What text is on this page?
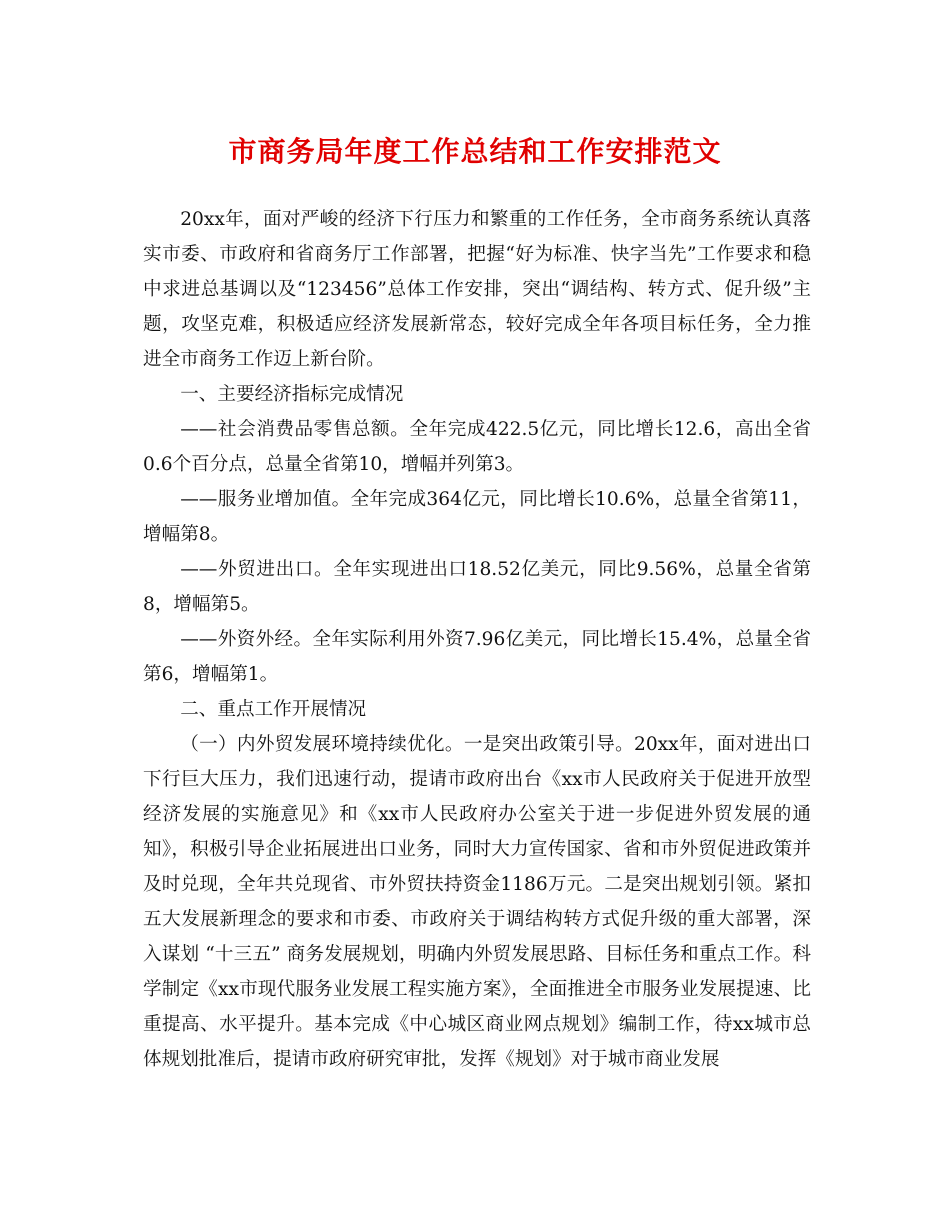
市商务局年度工作总结和工作安排范文

20xx年，面对严峻的经济下行压力和繁重的工作任务，全市商务系统认真落实市委、市政府和省商务厅工作部署，把握“好为标准、快字当先”工作要求和稳中求进总基调以及“123456”总体工作安排，突出“调结构、转方式、促升级”主题，攻坚克难，积极适应经济发展新常态，较好完成全年各项目标任务，全力推进全市商务工作迈上新台阶。

一、主要经济指标完成情况

——社会消费品零售总额。全年完成422.5亿元，同比增长12.6，高出全省0.6个百分点，总量全省第10，增幅并列第3。

——服务业增加值。全年完成364亿元，同比增长10.6%，总量全省第11，增幅第8。

——外贸进出口。全年实现进出口18.52亿美元，同比9.56%，总量全省第8，增幅第5。

——外资外经。全年实际利用外资7.96亿美元，同比增长15.4%，总量全省第6，增幅第1。

二、重点工作开展情况

（一）内外贸发展环境持续优化。一是突出政策引导。20xx年，面对进出口下行巨大压力，我们迅速行动，提请市政府出台《xx市人民政府关于促进开放型经济发展的实施意见》和《xx市人民政府办公室关于进一步促进外贸发展的通知》，积极引导企业拓展进出口业务，同时大力宣传国家、省和市外贸促进政策并及时兑现，全年共兑现省、市外贸扶持资金1186万元。二是突出规划引领。紧扣五大发展新理念的要求和市委、市政府关于调结构转方式促升级的重大部署，深入谋划 “十三五” 商务发展规划，明确内外贸发展思路、目标任务和重点工作。科学制定《xx市现代服务业发展工程实施方案》，全面推进全市服务业发展提速、比重提高、水平提升。基本完成《中心城区商业网点规划》编制工作，待xx城市总体规划批准后，提请市政府研究审批，发挥《规划》对于城市商业发展
